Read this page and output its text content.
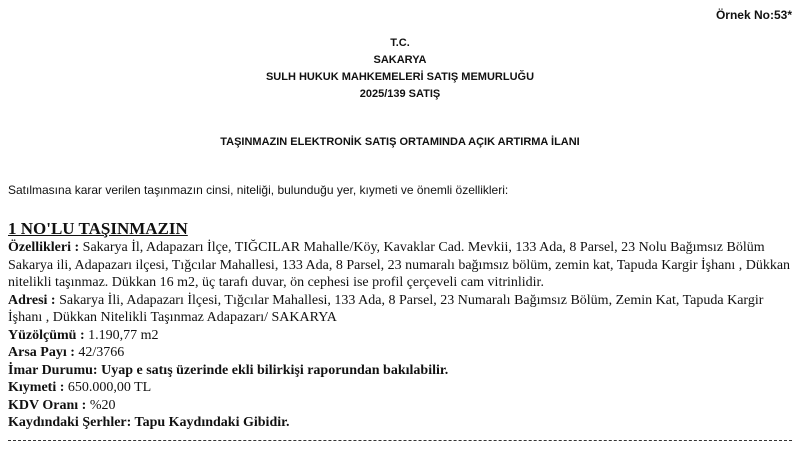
Örnek No:53*
T.C.
SAKARYA
SULH HUKUK MAHKEMELERİ SATIŞ MEMURLUĞU
2025/139 SATIŞ
TAŞINMAZIN ELEKTRONİK SATIŞ ORTAMINDA AÇIK ARTIRMA İLANI
Satılmasına karar verilen taşınmazın cinsi, niteliği, bulunduğu yer, kıymeti ve önemli özellikleri:
1 NO'LU TAŞINMAZIN
Özellikleri : Sakarya İl, Adapazarı İlçe, TIĞCILAR Mahalle/Köy, Kavaklar Cad. Mevkii, 133 Ada, 8 Parsel, 23 Nolu Bağımsız Bölüm Sakarya ili, Adapazarı ilçesi, Tığcılar Mahallesi, 133 Ada, 8 Parsel, 23 numaralı bağımsız bölüm, zemin kat, Tapuda Kargir İşhanı , Dükkan nitelikli taşınmaz. Dükkan 16 m2, üç tarafı duvar, ön cephesi ise profil çerçeveli cam vitrinlidir.
Adresi : Sakarya İli, Adapazarı İlçesi, Tığcılar Mahallesi, 133 Ada, 8 Parsel, 23 Numaralı Bağımsız Bölüm, Zemin Kat, Tapuda Kargir İşhanı , Dükkan Nitelikli Taşınmaz Adapazarı/ SAKARYA
Yüzölçümü : 1.190,77 m2
Arsa Payı : 42/3766
İmar Durumu: Uyap e satış üzerinde ekli bilirkişi raporundan bakılabilir.
Kıymeti : 650.000,00 TL
KDV Oranı : %20
Kaydındaki Şerhler: Tapu Kaydındaki Gibidir.
